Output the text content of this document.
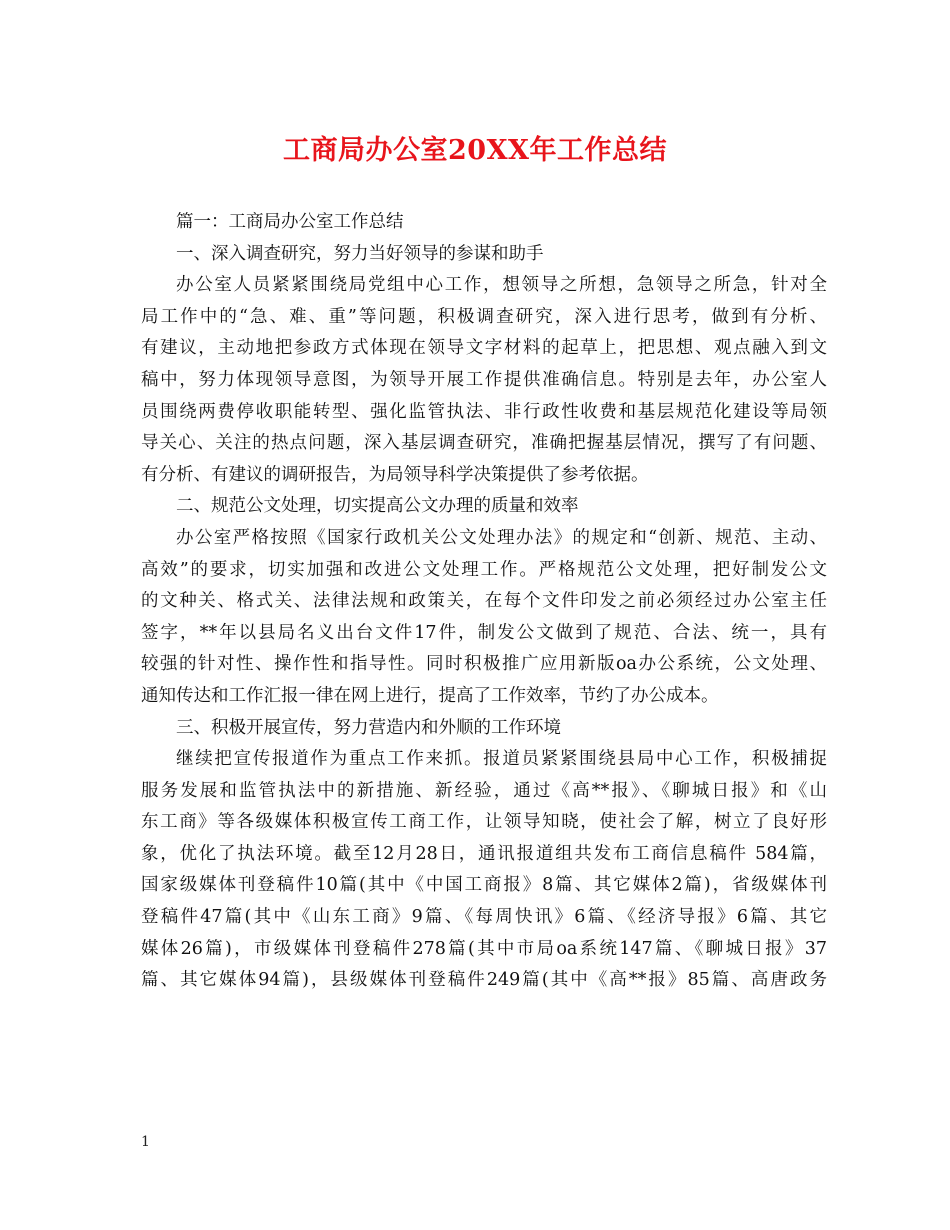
工商局办公室20XX年工作总结
篇一：工商局办公室工作总结
一、深入调查研究，努力当好领导的参谋和助手
办公室人员紧紧围绕局党组中心工作，想领导之所想，急领导之所急，针对全
局工作中的“急、难、重”等问题，积极调查研究，深入进行思考，做到有分析、
有建议，主动地把参政方式体现在领导文字材料的起草上，把思想、观点融入到文
稿中，努力体现领导意图，为领导开展工作提供准确信息。特别是去年，办公室人
员围绕两费停收职能转型、强化监管执法、非行政性收费和基层规范化建设等局领
导关心、关注的热点问题，深入基层调查研究，准确把握基层情况，撰写了有问题、
有分析、有建议的调研报告，为局领导科学决策提供了参考依据。
二、规范公文处理，切实提高公文办理的质量和效率
办公室严格按照《国家行政机关公文处理办法》的规定和“创新、规范、主动、
高效”的要求，切实加强和改进公文处理工作。严格规范公文处理，把好制发公文
的文种关、格式关、法律法规和政策关，在每个文件印发之前必须经过办公室主任
签字，**年以县局名义出台文件17件，制发公文做到了规范、合法、统一，具有
较强的针对性、操作性和指导性。同时积极推广应用新版oa办公系统，公文处理、
通知传达和工作汇报一律在网上进行，提高了工作效率，节约了办公成本。
三、积极开展宣传，努力营造内和外顺的工作环境
继续把宣传报道作为重点工作来抓。报道员紧紧围绕县局中心工作，积极捕捉
服务发展和监管执法中的新措施、新经验，通过《高**报》、《聊城日报》和《山
东工商》等各级媒体积极宣传工商工作，让领导知晓，使社会了解，树立了良好形
象，优化了执法环境。截至12月28日，通讯报道组共发布工商信息稿件 584篇，
国家级媒体刊登稿件10篇(其中《中国工商报》8篇、其它媒体2篇)，省级媒体刊
登稿件47篇(其中《山东工商》9篇、《每周快讯》6篇、《经济导报》6篇、其它
媒体26篇)，市级媒体刊登稿件278篇(其中市局oa系统147篇、《聊城日报》37
篇、其它媒体94篇)，县级媒体刊登稿件249篇(其中《高**报》85篇、高唐政务
1
